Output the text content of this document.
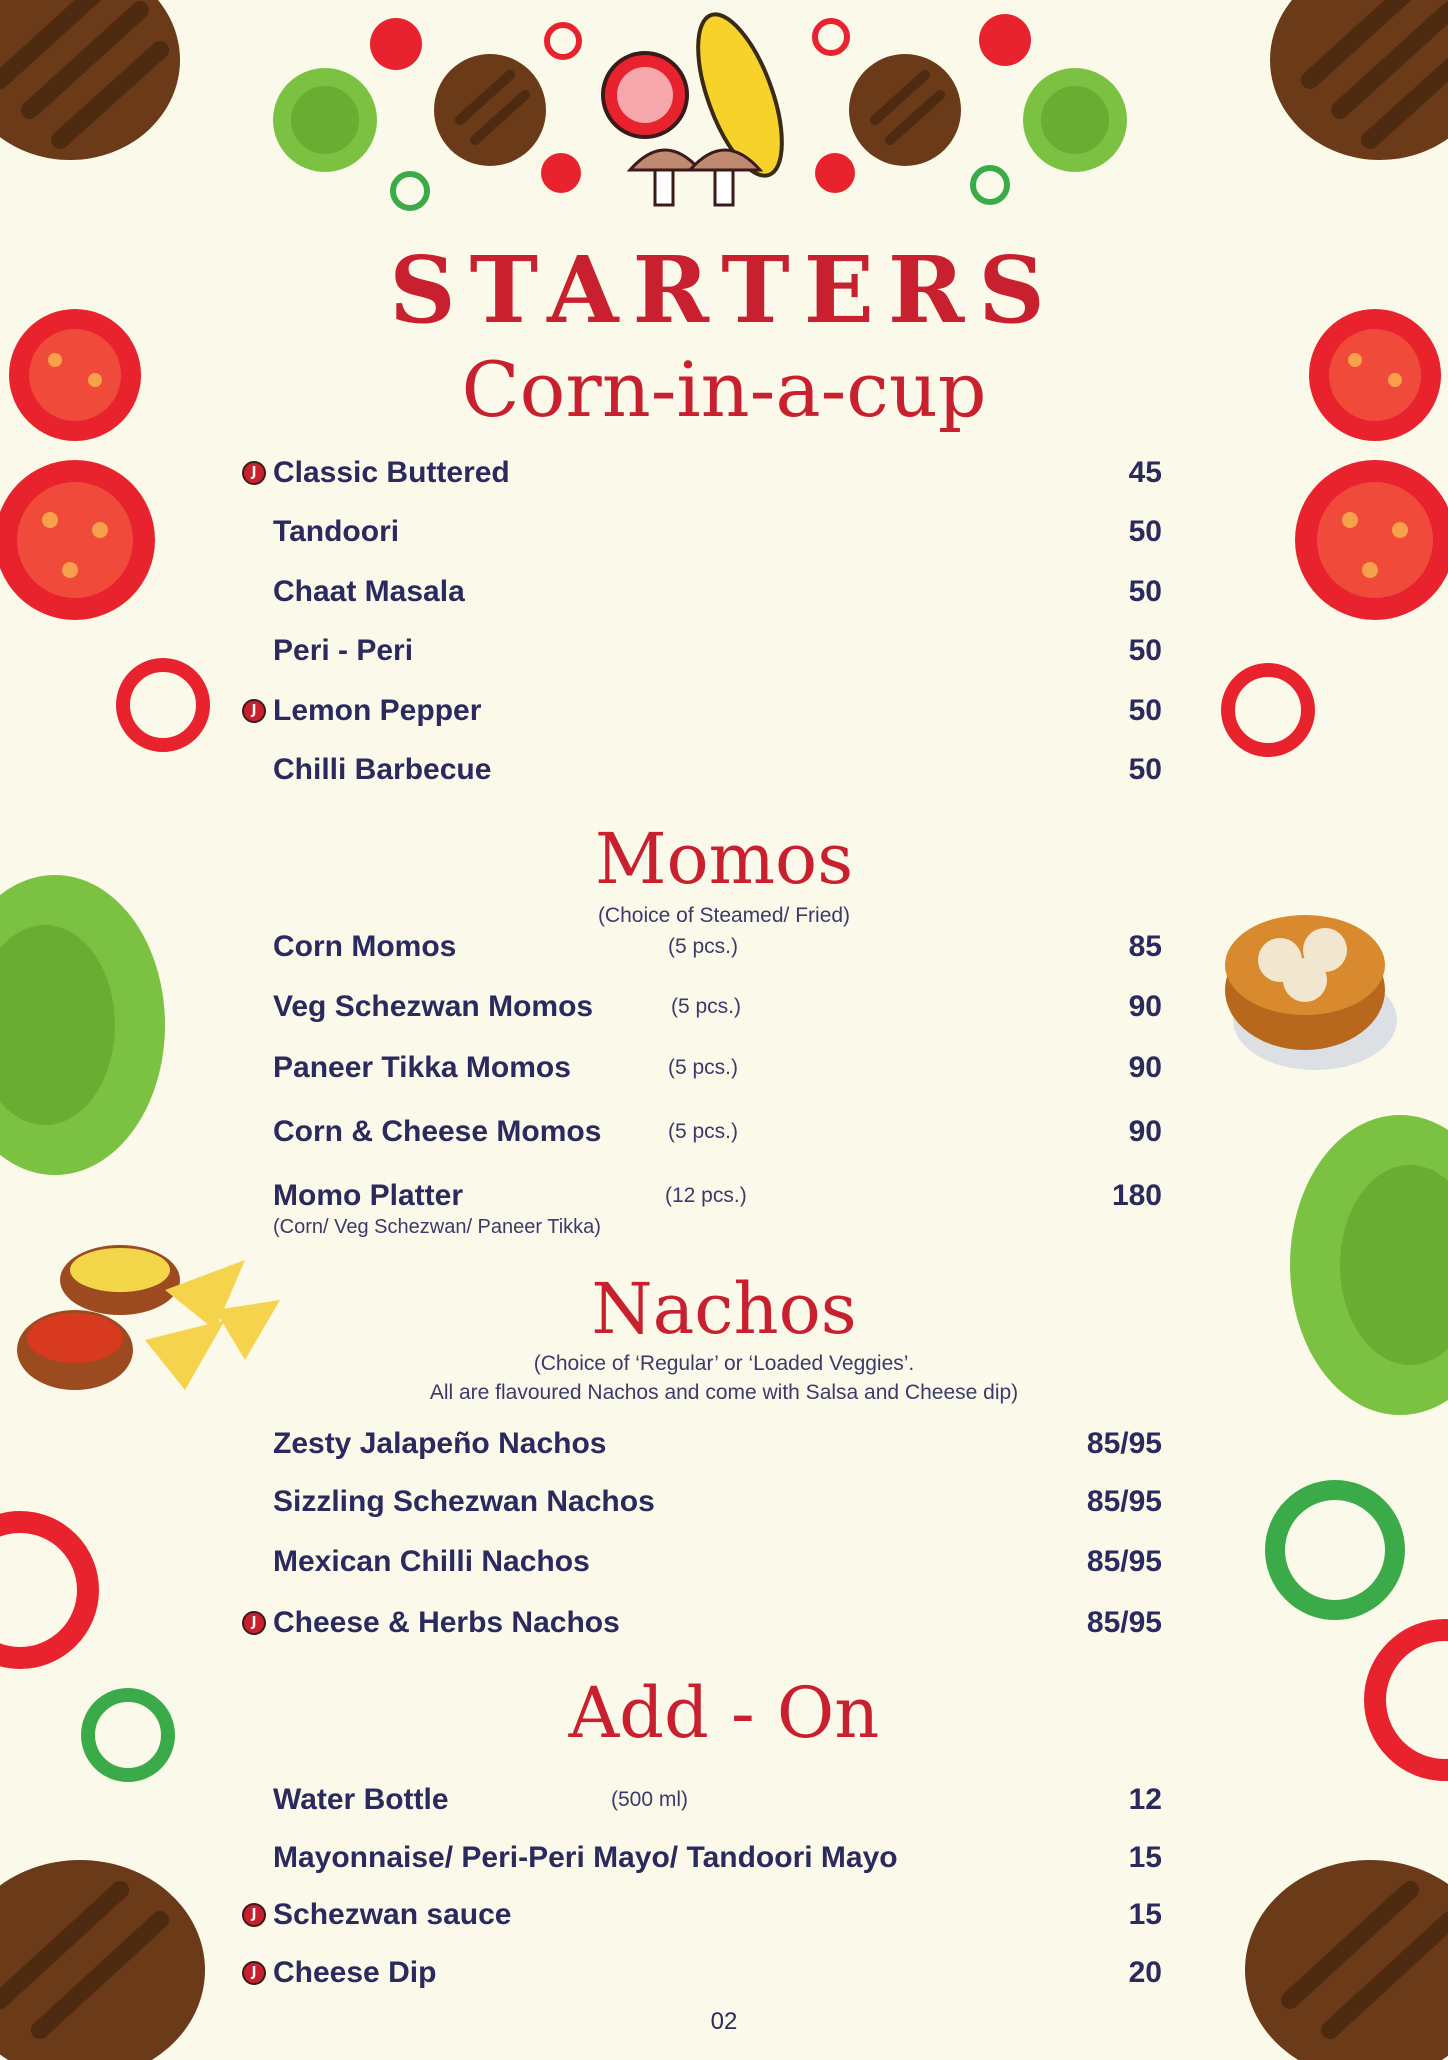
STARTERS
Corn-in-a-cup
J Classic Buttered	45
Tandoori	50
Chaat Masala	50
Peri - Peri	50
J Lemon Pepper	50
Chilli Barbecue	50
Momos
(Choice of Steamed/ Fried)
Corn Momos	(5 pcs.)	85
Veg Schezwan Momos	(5 pcs.)	90
Paneer Tikka Momos	(5 pcs.)	90
Corn & Cheese Momos	(5 pcs.)	90
Momo Platter	(12 pcs.)	180
(Corn/ Veg Schezwan/ Paneer Tikka)
Nachos
(Choice of ‘Regular’ or ‘Loaded Veggies’.
All are flavoured Nachos and come with Salsa and Cheese dip)
Zesty Jalapeño Nachos	85/95
Sizzling Schezwan Nachos	85/95
Mexican Chilli Nachos	85/95
J Cheese & Herbs Nachos	85/95
Add - On
Water Bottle	(500 ml)	12
Mayonnaise/ Peri-Peri Mayo/ Tandoori Mayo	15
J Schezwan sauce	15
J Cheese Dip	20
02
